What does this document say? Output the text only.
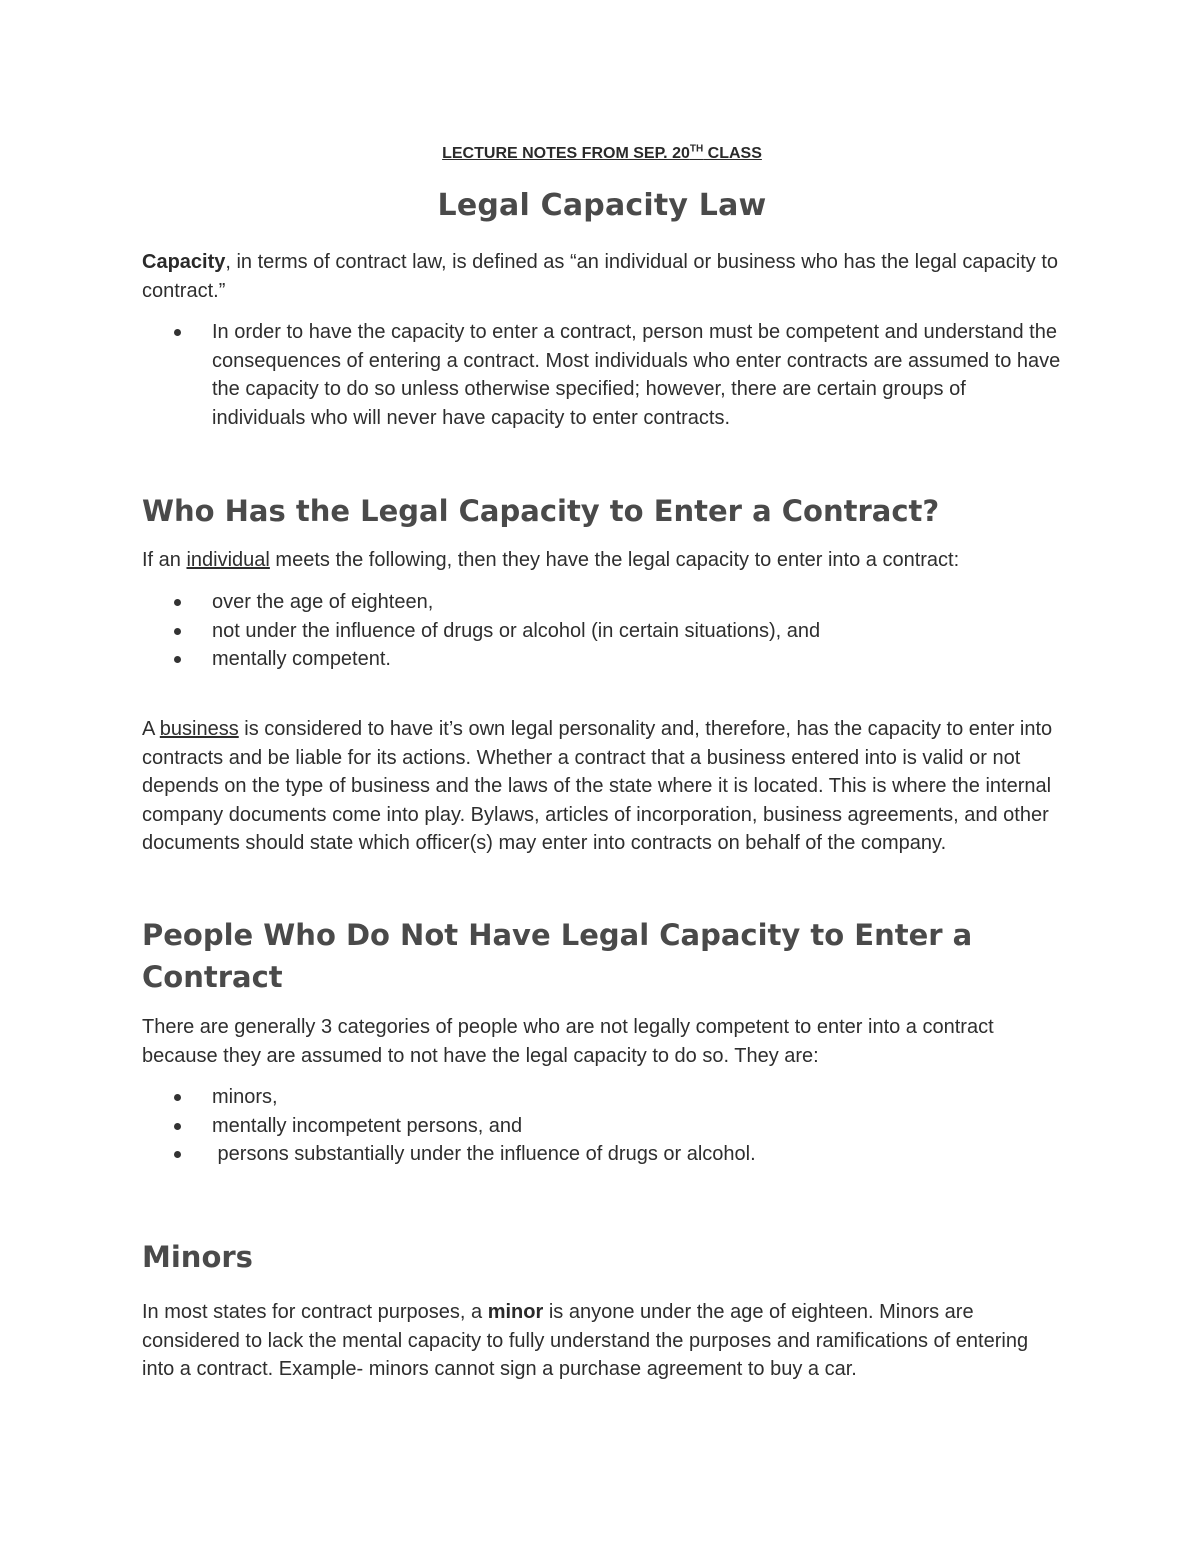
LECTURE NOTES FROM SEP. 20TH CLASS
Legal Capacity Law
Capacity, in terms of contract law, is defined as “an individual or business who has the legal capacity to contract.”
In order to have the capacity to enter a contract, person must be competent and understand the consequences of entering a contract. Most individuals who enter contracts are assumed to have the capacity to do so unless otherwise specified; however, there are certain groups of individuals who will never have capacity to enter contracts.
Who Has the Legal Capacity to Enter a Contract?
If an individual meets the following, then they have the legal capacity to enter into a contract:
over the age of eighteen,
not under the influence of drugs or alcohol (in certain situations), and
mentally competent.
A business is considered to have it’s own legal personality and, therefore, has the capacity to enter into contracts and be liable for its actions. Whether a contract that a business entered into is valid or not depends on the type of business and the laws of the state where it is located. This is where the internal company documents come into play. Bylaws, articles of incorporation, business agreements, and other documents should state which officer(s) may enter into contracts on behalf of the company.
People Who Do Not Have Legal Capacity to Enter a Contract
There are generally 3 categories of people who are not legally competent to enter into a contract because they are assumed to not have the legal capacity to do so. They are:
minors,
mentally incompetent persons, and
persons substantially under the influence of drugs or alcohol.
Minors
In most states for contract purposes, a minor is anyone under the age of eighteen. Minors are considered to lack the mental capacity to fully understand the purposes and ramifications of entering into a contract. Example- minors cannot sign a purchase agreement to buy a car.
